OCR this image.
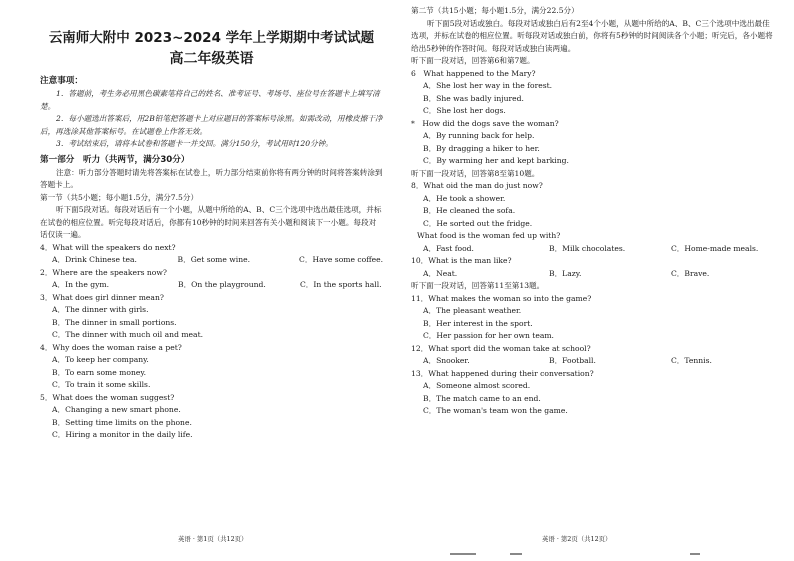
云南师大附中 2023~2024 学年上学期期中考试试题
高二年级英语
注意事项：
1．答题前，考生务必用黑色碳素笔将自己的姓名、准考证号、考场号、座位号在答题卡上填写清楚。
2．每小题选出答案后，用2B铅笔把答题卡上对应题目的答案标号涂黑。如需改动，用橡皮擦干净后，再选涂其他答案标号。在试题卷上作答无效。
3．考试结束后，请将本试卷和答题卡一并交回。满分150分，考试用时120分钟。
第一部分　听力（共两节，满分30分）
注意：听力部分答题时请先将答案标在试卷上，听力部分结束前你将有两分钟的时间将答案转涂到答题卡上。
第一节（共5小题；每小题1.5分，满分7.5分）
听下面5段对话。每段对话后有一个小题，从题中所给的A、B、C三个选项中选出最佳选项，并标在试卷的相应位置。听完每段对话后，你都有10秒钟的时间来回答有关小题和阅读下一小题。每段对话仅读一遍。
4．What will the speakers do next?
A．Drink Chinese tea.	B．Get some wine.	C．Have some coffee.
2．Where are the speakers now?
A．In the gym.	B．On the playground.	C．In the sports hall.
3．What does girl dinner mean?
A．The dinner with girls.
B．The dinner in small portions.
C．The dinner with much oil and meat.
4．Why does the woman raise a pet?
A．To keep her company.
B．To earn some money.
C．To train it some skills.
5．What does the woman suggest?
A．Changing a new smart phone.
B．Setting time limits on the phone.
C．Hiring a monitor in the daily life.
英语 · 第1页（共12页）
第二节（共15小题；每小题1.5分，满分22.5分）
听下面5段对话或独白。每段对话或独白后有2至4个小题，从题中所给的A、B、C三个选项中选出最佳选项，并标在试卷的相应位置。听每段对话或独白前，你将有5秒钟的时间阅读各个小题；听完后，各小题将给出5秒钟的作答时间。每段对话或独白读两遍。
听下面一段对话，回答第6和第7题。
6　What happened to the Mary?
A．She lost her way in the forest.
B．She was badly injured.
C．She lost her dogs.
*　How did the dogs save the woman?
A．By running back for help.
B．By dragging a hiker to her.
C．By warming her and kept barking.
听下面一段对话，回答第8至第10题。
8．What oid the man do just now?
A．He took a shower.
B．He cleaned the sofa.
C．He sorted out the fridge.
What food is the woman fed up with?
A．Fast food.	B．Milk chocolates.	C．Home-made meals.
10．What is the man like?
A．Neat.	B．Lazy.	C．Brave.
听下面一段对话，回答第11至第13题。
11．What makes the woman so into the game?
A．The pleasant weather.
B．Her interest in the sport.
C．Her passion for her own team.
12．What sport did the woman take at school?
A．Snooker.	B．Football.	C．Tennis.
13．What happened during their conversation?
A．Someone almost scored.
B．The match came to an end.
C．The woman's team won the game.
英语 · 第2页（共12页）
